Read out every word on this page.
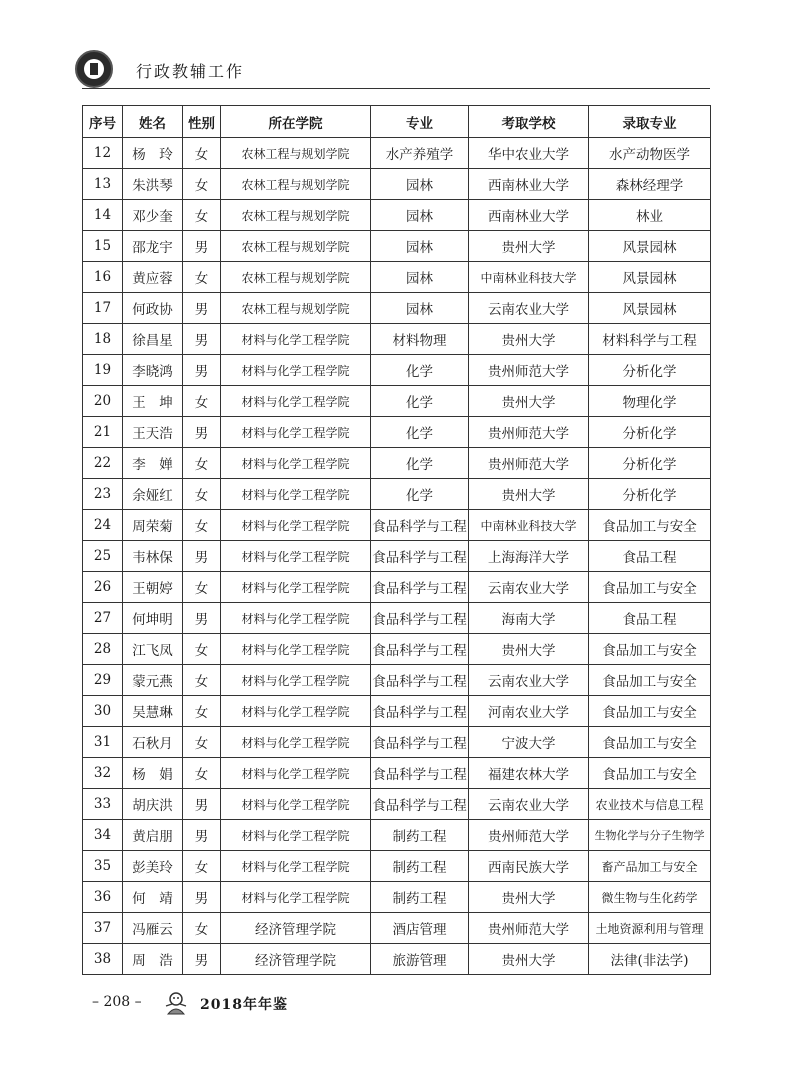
行政教辅工作
序号	姓名	性别	所在学院	专业	考取学校	录取专业
12	杨　玲	女	农林工程与规划学院	水产养殖学	华中农业大学	水产动物医学
13	朱洪琴	女	农林工程与规划学院	园林	西南林业大学	森林经理学
14	邓少奎	女	农林工程与规划学院	园林	西南林业大学	林业
15	邵龙宇	男	农林工程与规划学院	园林	贵州大学	风景园林
16	黄应蓉	女	农林工程与规划学院	园林	中南林业科技大学	风景园林
17	何政协	男	农林工程与规划学院	园林	云南农业大学	风景园林
18	徐昌星	男	材料与化学工程学院	材料物理	贵州大学	材料科学与工程
19	李晓鸿	男	材料与化学工程学院	化学	贵州师范大学	分析化学
20	王　坤	女	材料与化学工程学院	化学	贵州大学	物理化学
21	王天浩	男	材料与化学工程学院	化学	贵州师范大学	分析化学
22	李　婵	女	材料与化学工程学院	化学	贵州师范大学	分析化学
23	余娅红	女	材料与化学工程学院	化学	贵州大学	分析化学
24	周荣菊	女	材料与化学工程学院	食品科学与工程	中南林业科技大学	食品加工与安全
25	韦林保	男	材料与化学工程学院	食品科学与工程	上海海洋大学	食品工程
26	王朝婷	女	材料与化学工程学院	食品科学与工程	云南农业大学	食品加工与安全
27	何坤明	男	材料与化学工程学院	食品科学与工程	海南大学	食品工程
28	江飞凤	女	材料与化学工程学院	食品科学与工程	贵州大学	食品加工与安全
29	蒙元燕	女	材料与化学工程学院	食品科学与工程	云南农业大学	食品加工与安全
30	吴慧琳	女	材料与化学工程学院	食品科学与工程	河南农业大学	食品加工与安全
31	石秋月	女	材料与化学工程学院	食品科学与工程	宁波大学	食品加工与安全
32	杨　娟	女	材料与化学工程学院	食品科学与工程	福建农林大学	食品加工与安全
33	胡庆洪	男	材料与化学工程学院	食品科学与工程	云南农业大学	农业技术与信息工程
34	黄启朋	男	材料与化学工程学院	制药工程	贵州师范大学	生物化学与分子生物学
35	彭美玲	女	材料与化学工程学院	制药工程	西南民族大学	畜产品加工与安全
36	何　靖	男	材料与化学工程学院	制药工程	贵州大学	微生物与生化药学
37	冯雁云	女	经济管理学院	酒店管理	贵州师范大学	土地资源利用与管理
38	周　浩	男	经济管理学院	旅游管理	贵州大学	法律(非法学)
– 208 –	2018年年鉴
